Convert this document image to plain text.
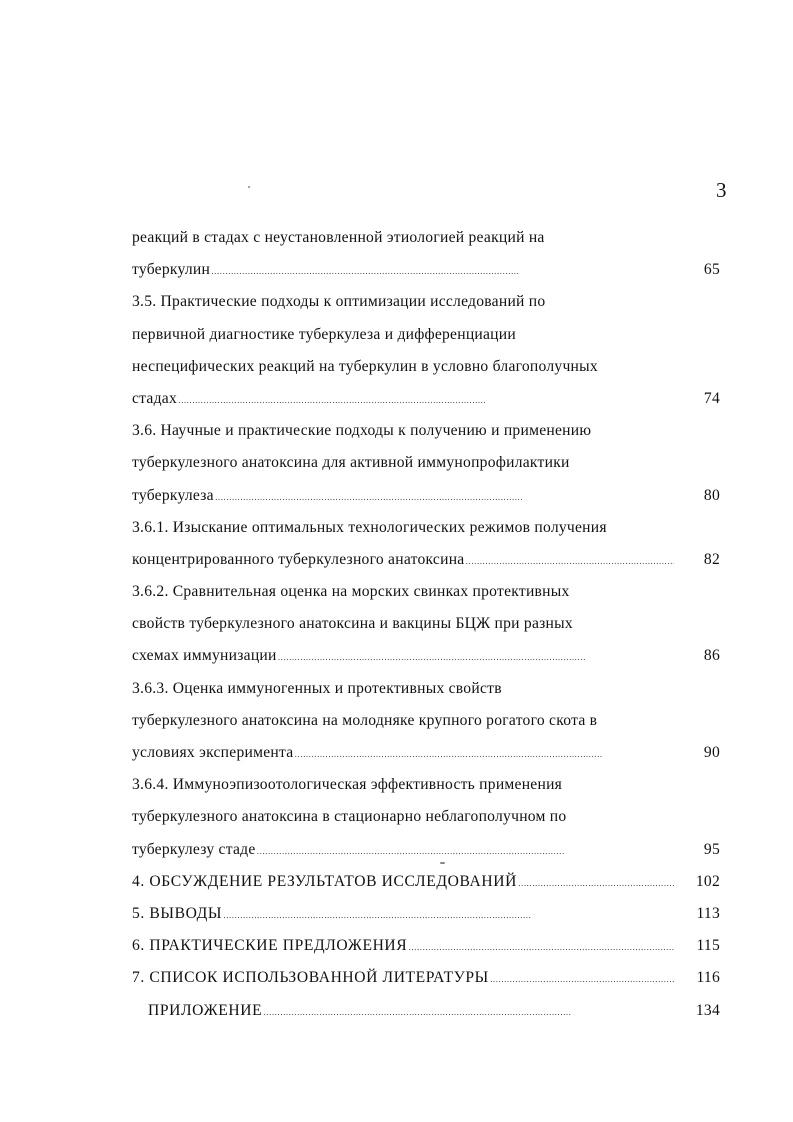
3
реакций в стадах с неустановленной этиологией реакций на
туберкулин . . .	65
3.5. Практические подходы к оптимизации исследований по
первичной диагностике туберкулеза и дифференциации
неспецифических реакций на туберкулин в условно благополучных
стадах . . .	74
3.6. Научные и практические подходы к получению и применению
туберкулезного анатоксина для активной иммунопрофилактики
туберкулеза . . .	80
3.6.1. Изыскание оптимальных технологических режимов получения
концентрированного туберкулезного анатоксина . . .	82
3.6.2. Сравнительная оценка на морских свинках протективных
свойств туберкулезного анатоксина и вакцины БЦЖ при разных
схемах иммунизации . . .	86
3.6.3. Оценка иммуногенных и протективных свойств
туберкулезного анатоксина на молодняке крупного рогатого скота в
условиях эксперимента . . .	90
3.6.4. Иммуноэпизоотологическая эффективность применения
туберкулезного анатоксина в стационарно неблагополучном по
туберкулезу стаде . . .	95
4. ОБСУЖДЕНИЕ РЕЗУЛЬТАТОВ ИССЛЕДОВАНИЙ . . .	102
5. ВЫВОДЫ . . .	113
6. ПРАКТИЧЕСКИЕ ПРЕДЛОЖЕНИЯ . . .	115
7. СПИСОК ИСПОЛЬЗОВАННОЙ ЛИТЕРАТУРЫ . . .	116
ПРИЛОЖЕНИЕ . . .	134
